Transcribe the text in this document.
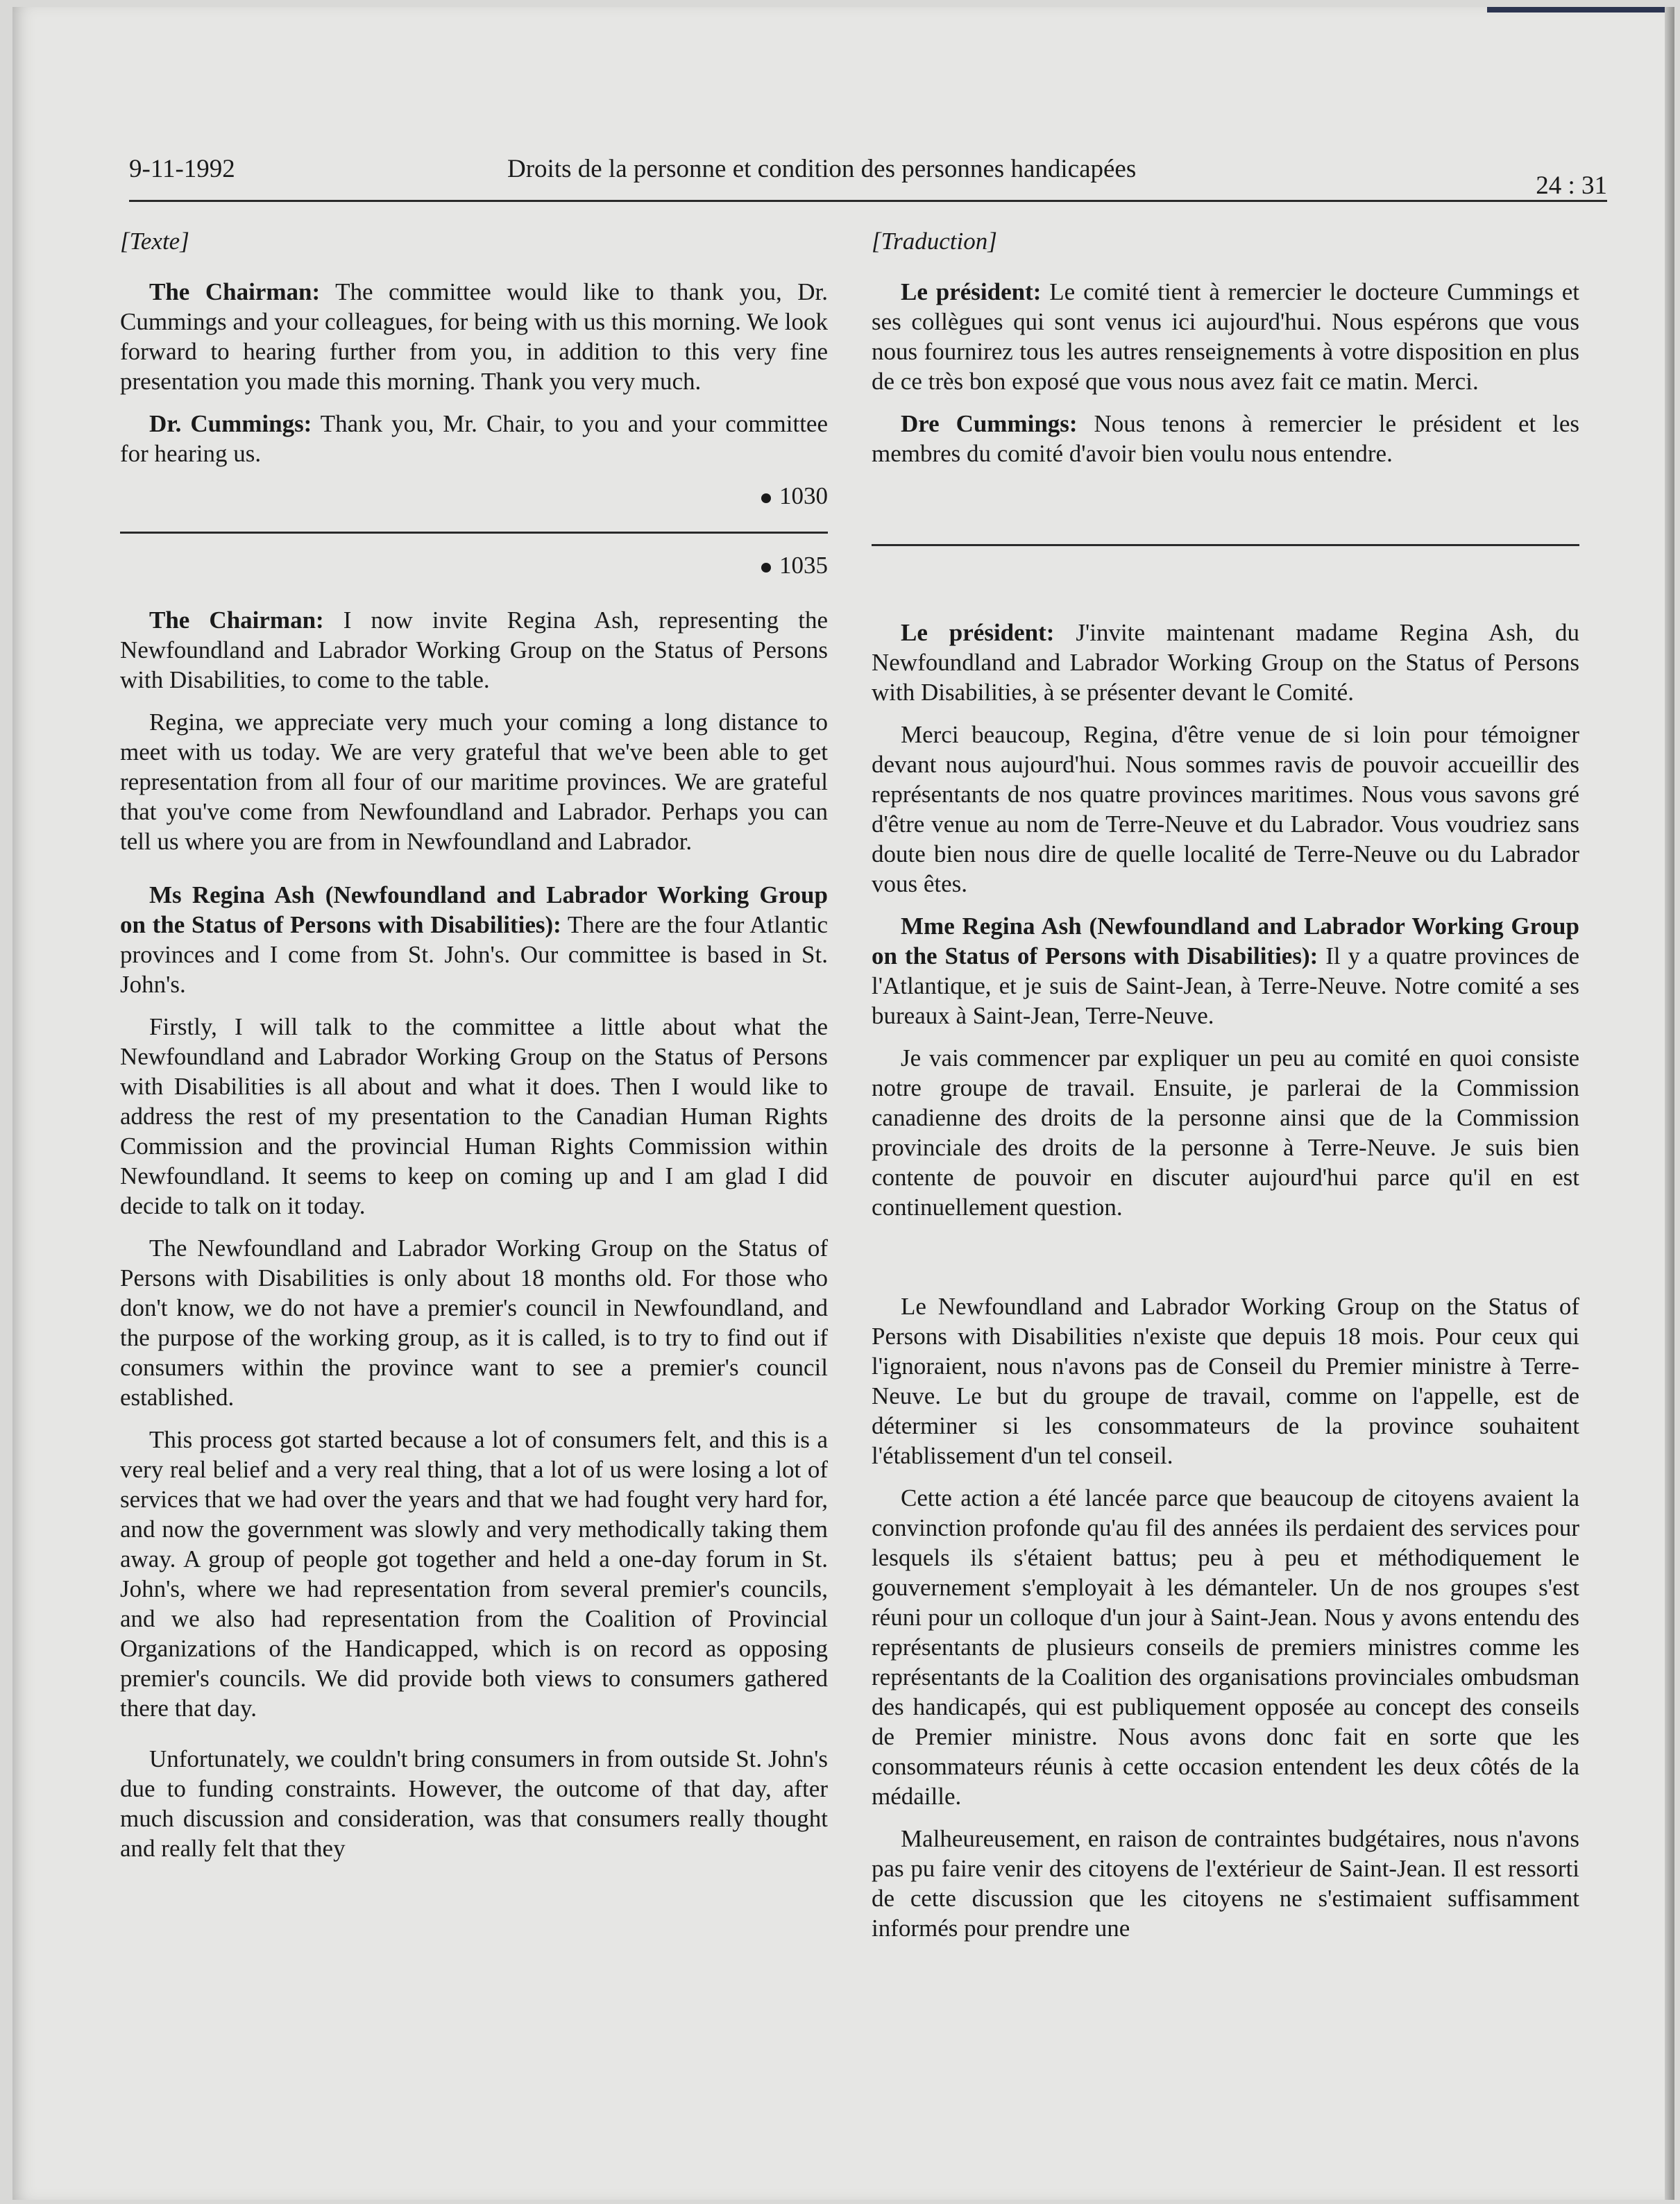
9-11-1992	Droits de la personne et condition des personnes handicapées
24 : 31
[Texte]

The Chairman: The committee would like to thank you, Dr. Cummings and your colleagues, for being with us this morning. We look forward to hearing further from you, in addition to this very fine presentation you made this morning. Thank you very much.

Dr. Cummings: Thank you, Mr. Chair, to you and your committee for hearing us.

1030
1035

The Chairman: I now invite Regina Ash, representing the Newfoundland and Labrador Working Group on the Status of Persons with Disabilities, to come to the table.

Regina, we appreciate very much your coming a long distance to meet with us today. We are very grateful that we've been able to get representation from all four of our maritime provinces. We are grateful that you've come from Newfoundland and Labrador. Perhaps you can tell us where you are from in Newfoundland and Labrador.

Ms Regina Ash (Newfoundland and Labrador Working Group on the Status of Persons with Disabilities): There are the four Atlantic provinces and I come from St. John's. Our committee is based in St. John's.

Firstly, I will talk to the committee a little about what the Newfoundland and Labrador Working Group on the Status of Persons with Disabilities is all about and what it does. Then I would like to address the rest of my presentation to the Canadian Human Rights Commission and the provincial Human Rights Commission within Newfoundland. It seems to keep on coming up and I am glad I did decide to talk on it today.

The Newfoundland and Labrador Working Group on the Status of Persons with Disabilities is only about 18 months old. For those who don't know, we do not have a premier's council in Newfoundland, and the purpose of the working group, as it is called, is to try to find out if consumers within the province want to see a premier's council established.

This process got started because a lot of consumers felt, and this is a very real belief and a very real thing, that a lot of us were losing a lot of services that we had over the years and that we had fought very hard for, and now the government was slowly and very methodically taking them away. A group of people got together and held a one-day forum in St. John's, where we had representation from several premier's councils, and we also had representation from the Coalition of Provincial Organizations of the Handicapped, which is on record as opposing premier's councils. We did provide both views to consumers gathered there that day.

Unfortunately, we couldn't bring consumers in from outside St. John's due to funding constraints. However, the outcome of that day, after much discussion and consideration, was that consumers really thought and really felt that they

[Traduction]

Le président: Le comité tient à remercier le docteure Cummings et ses collègues qui sont venus ici aujourd'hui. Nous espérons que vous nous fournirez tous les autres renseignements à votre disposition en plus de ce très bon exposé que vous nous avez fait ce matin. Merci.

Dre Cummings: Nous tenons à remercier le président et les membres du comité d'avoir bien voulu nous entendre.

Le président: J'invite maintenant madame Regina Ash, du Newfoundland and Labrador Working Group on the Status of Persons with Disabilities, à se présenter devant le Comité.

Merci beaucoup, Regina, d'être venue de si loin pour témoigner devant nous aujourd'hui. Nous sommes ravis de pouvoir accueillir des représentants de nos quatre provinces maritimes. Nous vous savons gré d'être venue au nom de Terre-Neuve et du Labrador. Vous voudriez sans doute bien nous dire de quelle localité de Terre-Neuve ou du Labrador vous êtes.

Mme Regina Ash (Newfoundland and Labrador Working Group on the Status of Persons with Disabilities): Il y a quatre provinces de l'Atlantique, et je suis de Saint-Jean, à Terre-Neuve. Notre comité a ses bureaux à Saint-Jean, Terre-Neuve.

Je vais commencer par expliquer un peu au comité en quoi consiste notre groupe de travail. Ensuite, je parlerai de la Commission canadienne des droits de la personne ainsi que de la Commission provinciale des droits de la personne à Terre-Neuve. Je suis bien contente de pouvoir en discuter aujourd'hui parce qu'il en est continuellement question.

Le Newfoundland and Labrador Working Group on the Status of Persons with Disabilities n'existe que depuis 18 mois. Pour ceux qui l'ignoraient, nous n'avons pas de Conseil du Premier ministre à Terre-Neuve. Le but du groupe de travail, comme on l'appelle, est de déterminer si les consommateurs de la province souhaitent l'établissement d'un tel conseil.

Cette action a été lancée parce que beaucoup de citoyens avaient la convinction profonde qu'au fil des années ils perdaient des services pour lesquels ils s'étaient battus; peu à peu et méthodiquement le gouvernement s'employait à les démanteler. Un de nos groupes s'est réuni pour un colloque d'un jour à Saint-Jean. Nous y avons entendu des représentants de plusieurs conseils de premiers ministres comme les représentants de la Coalition des organisations provinciales ombudsman des handicapés, qui est publiquement opposée au concept des conseils de Premier ministre. Nous avons donc fait en sorte que les consommateurs réunis à cette occasion entendent les deux côtés de la médaille.

Malheureusement, en raison de contraintes budgétaires, nous n'avons pas pu faire venir des citoyens de l'extérieur de Saint-Jean. Il est ressorti de cette discussion que les citoyens ne s'estimaient suffisamment informés pour prendre une
